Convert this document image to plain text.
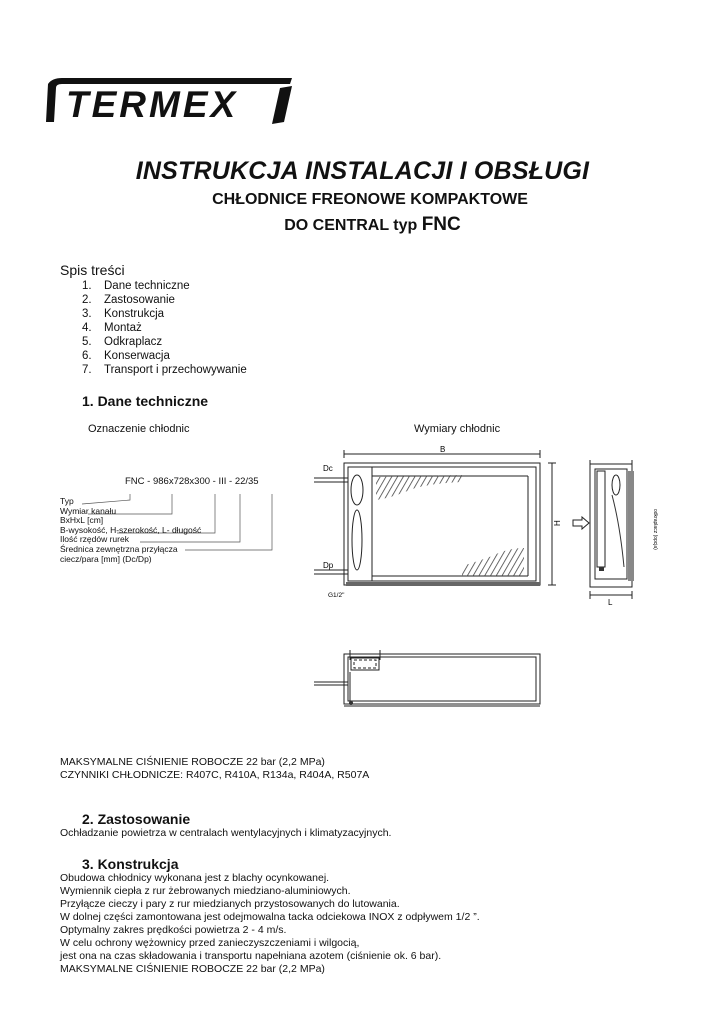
TERMEX
INSTRUKCJA INSTALACJI I OBSŁUGI
CHŁODNICE FREONOWE KOMPAKTOWE
DO CENTRAL typ FNC
Spis treści
1.	Dane techniczne
2.	Zastosowanie
3.	Konstrukcja
4.	Montaż
5.	Odkraplacz
6.	Konserwacja
7.	Transport i przechowywanie
1. Dane techniczne
Oznaczenie chłodnic	Wymiary chłodnic
FNC - 986x728x300 - III - 22/35
Typ
Wymiar kanału
BxHxL [cm]
B-wysokość, H-szerokość, L- długość
Ilość rzędów rurek
Średnica zewnętrzna przyłącza
ciecz/para [mm] (Dc/Dp)
B
Dc
Dp
G1/2"
H
L
odkraplacz (opcja)
MAKSYMALNE CIŚNIENIE ROBOCZE 22 bar (2,2 MPa)
CZYNNIKI CHŁODNICZE: R407C, R410A, R134a, R404A, R507A
2. Zastosowanie
Ochładzanie powietrza w centralach wentylacyjnych i klimatyzacyjnych.
3. Konstrukcja
Obudowa chłodnicy wykonana jest z blachy ocynkowanej.
Wymiennik ciepła z rur żebrowanych miedziano-aluminiowych.
Przyłącze cieczy i pary z rur miedzianych przystosowanych do lutowania.
W dolnej części zamontowana jest odejmowalna tacka odciekowa INOX z odpływem 1/2 ”.
Optymalny zakres prędkości powietrza 2 - 4 m/s.
W celu ochrony wężownicy przed zanieczyszczeniami i wilgocią,
jest ona na czas składowania i transportu napełniana azotem (ciśnienie ok. 6 bar).
MAKSYMALNE CIŚNIENIE ROBOCZE 22 bar (2,2 MPa)
